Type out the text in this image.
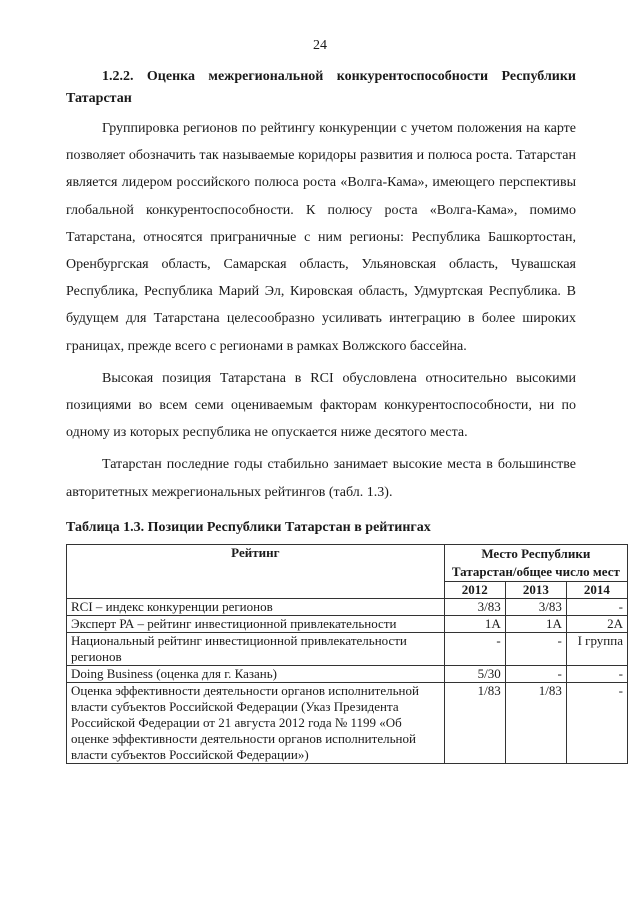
24
1.2.2. Оценка межрегиональной конкурентоспособности Республики
Татарстан

Группировка регионов по рейтингу конкуренции с учетом положения на карте позволяет обозначить так называемые коридоры развития и полюса роста. Татарстан является лидером российского полюса роста «Волга-Кама», имеющего перспективы глобальной конкурентоспособности. К полюсу роста «Волга-Кама», помимо Татарстана, относятся приграничные с ним регионы: Республика Башкортостан, Оренбургская область, Самарская область, Ульяновская область, Чувашская Республика, Республика Марий Эл, Кировская область, Удмуртская Республика. В будущем для Татарстана целесообразно усиливать интеграцию в более широких границах, прежде всего с регионами в рамках Волжского бассейна.

Высокая позиция Татарстана в RCI обусловлена относительно высокими позициями во всем семи оцениваемым факторам конкурентоспособности, ни по одному из которых республика не опускается ниже десятого места.

Татарстан последние годы стабильно занимает высокие места в большинстве авторитетных межрегиональных рейтингов (табл. 1.3).

Таблица 1.3. Позиции Республики Татарстан в рейтингах
Рейтинг	Место Республики Татарстан/общее число мест		
	2012	2013	2014
RCI – индекс конкуренции регионов	3/83	3/83	-
Эксперт РА – рейтинг инвестиционной привлекательности	1А	1А	2А
Национальный рейтинг инвестиционной привлекательности регионов	-	-	I группа
Doing Business (оценка для г. Казань)	5/30	-	-
Оценка эффективности деятельности органов исполнительной власти субъектов Российской Федерации (Указ Президента Российской Федерации от 21 августа 2012 года № 1199 «Об оценке эффективности деятельности органов исполнительной власти субъектов Российской Федерации»)	1/83	1/83	-
